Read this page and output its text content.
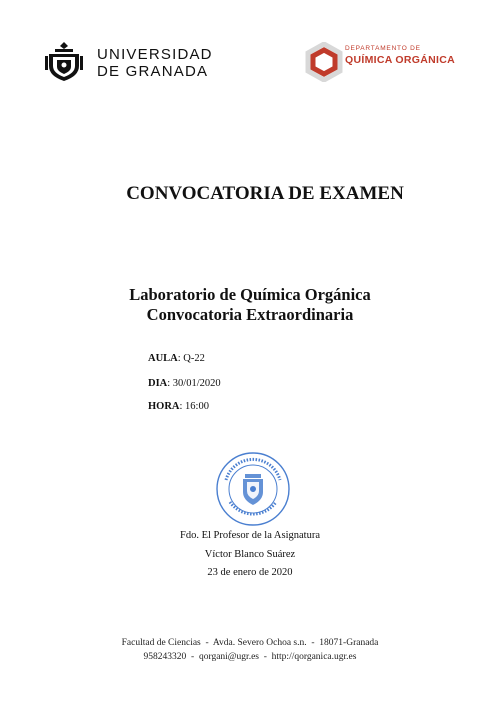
UNIVERSIDAD
DE GRANADA
DEPARTAMENTO DE
QUÍMICA ORGÁNICA
CONVOCATORIA DE EXAMEN
Laboratorio de Química Orgánica
Convocatoria Extraordinaria
AULA: Q-22
DIA: 30/01/2020
HORA: 16:00
Fdo. El Profesor de la Asignatura
Víctor Blanco Suárez
23 de enero de 2020
Facultad de Ciencias  -  Avda. Severo Ochoa s.n.  -  18071-Granada
958243320  -  qorgani@ugr.es  -  http://qorganica.ugr.es
